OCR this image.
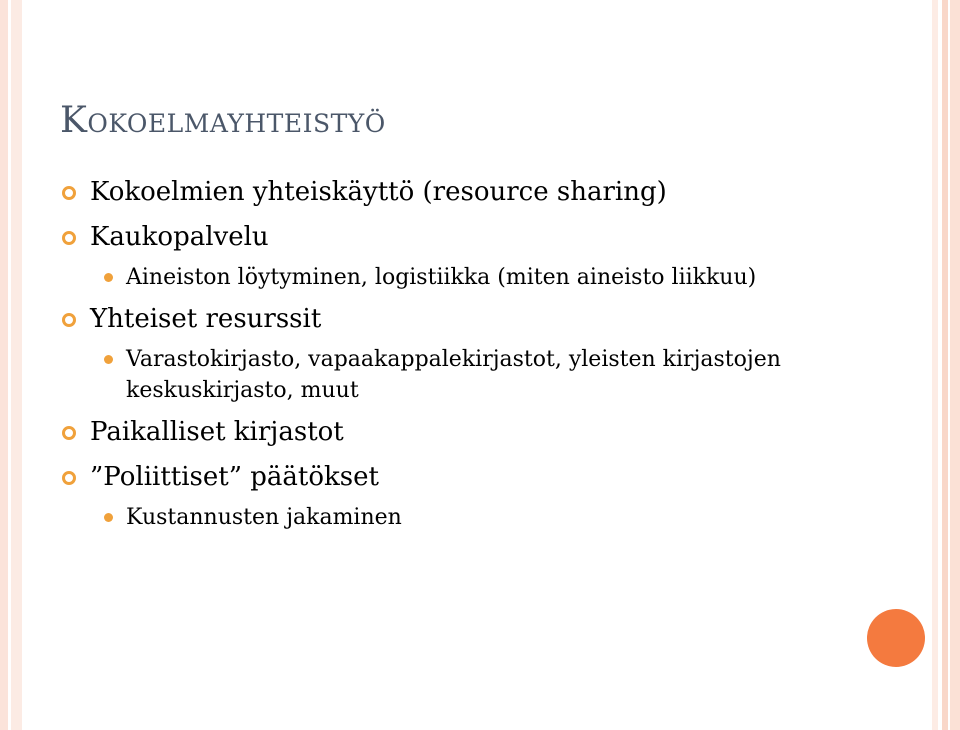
Kokoelmayhteistyö
Kokoelmien yhteiskäyttö (resource sharing)
Kaukopalvelu
Aineiston löytyminen, logistiikka (miten aineisto liikkuu)
Yhteiset resurssit
Varastokirjasto, vapaakappalekirjastot, yleisten kirjastojen keskuskirjasto, muut
Paikalliset kirjastot
”Poliittiset” päätökset
Kustannusten jakaminen
